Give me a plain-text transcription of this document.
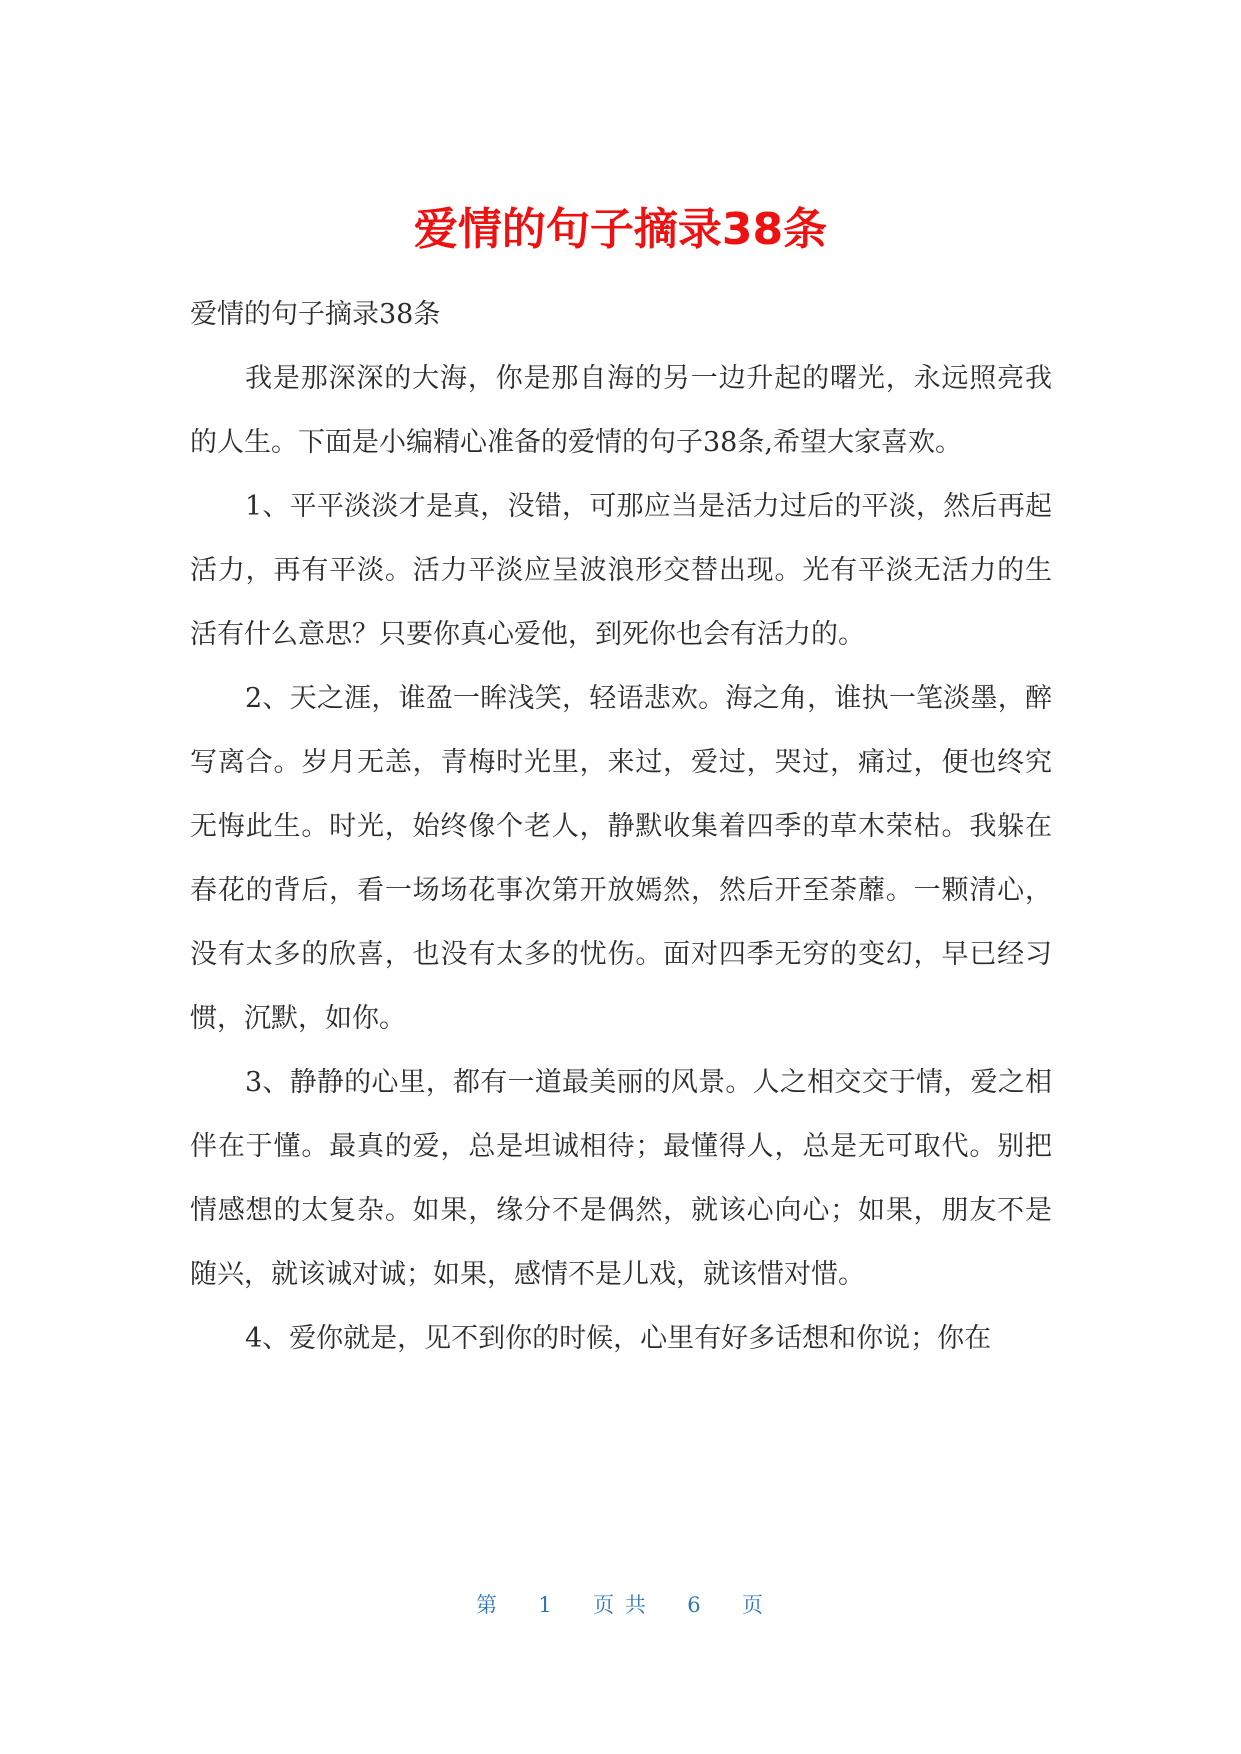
爱情的句子摘录38条

爱情的句子摘录38条

我是那深深的大海，你是那自海的另一边升起的曙光，永远照亮我的人生。下面是小编精心准备的爱情的句子38条,希望大家喜欢。

1、平平淡淡才是真，没错，可那应当是活力过后的平淡，然后再起活力，再有平淡。活力平淡应呈波浪形交替出现。光有平淡无活力的生活有什么意思？只要你真心爱他，到死你也会有活力的。

2、天之涯，谁盈一眸浅笑，轻语悲欢。海之角，谁执一笔淡墨，醉写离合。岁月无恙，青梅时光里，来过，爱过，哭过，痛过，便也终究无悔此生。时光，始终像个老人，静默收集着四季的草木荣枯。我躲在春花的背后，看一场场花事次第开放嫣然，然后开至荼蘼。一颗清心，没有太多的欣喜，也没有太多的忧伤。面对四季无穷的变幻，早已经习惯，沉默，如你。

3、静静的心里，都有一道最美丽的风景。人之相交交于情，爱之相伴在于懂。最真的爱，总是坦诚相待；最懂得人，总是无可取代。别把情感想的太复杂。如果，缘分不是偶然，就该心向心；如果，朋友不是随兴，就该诚对诚；如果，感情不是儿戏，就该惜对惜。

4、爱你就是，见不到你的时候，心里有好多话想和你说；你在

第 1 页 共 6 页
